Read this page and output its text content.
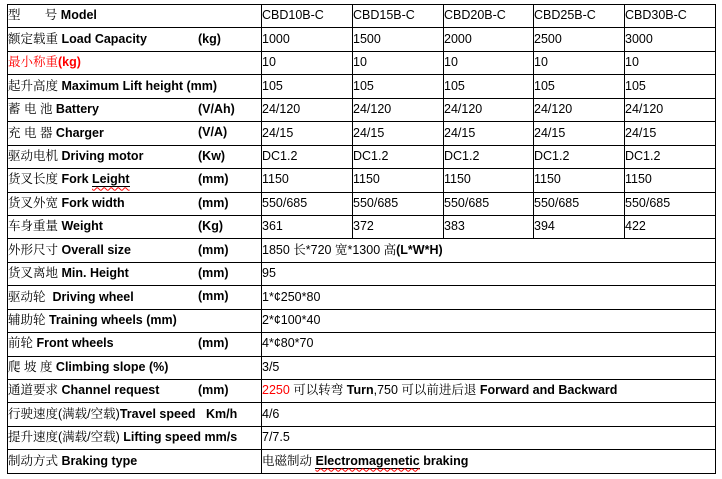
型       号 Model	CBD10B-C	CBD15B-C	CBD20B-C	CBD25B-C	CBD30B-C
额定载重 Load Capacity (kg)	1000	1500	2000	2500	3000
最小称重(kg)	10	10	10	10	10
起升高度 Maximum Lift height (mm)	105	105	105	105	105
蓄 电 池 Battery (V/Ah)	24/120	24/120	24/120	24/120	24/120
充 电 器 Charger (V/A)	24/15	24/15	24/15	24/15	24/15
驱动电机 Driving motor (Kw)	DC1.2	DC1.2	DC1.2	DC1.2	DC1.2
货叉长度 Fork Leight (mm)	1150	1150	1150	1150	1150
货叉外宽 Fork width (mm)	550/685	550/685	550/685	550/685	550/685
车身重量 Weight (Kg)	361	372	383	394	422
外形尺寸 Overall size (mm)	1850 长*720 宽*1300 高(L*W*H)				
货叉离地 Min. Height (mm)	95				
驱动轮  Driving wheel (mm)	1*¢250*80				
辅助轮 Training wheels (mm)	2*¢100*40				
前轮 Front wheels (mm)	4*¢80*70				
爬 坡 度 Climbing slope (%)	3/5				
通道要求 Channel request (mm)	2250 可以转弯 Turn,750 可以前进后退 Forward and Backward				
行驶速度(满载/空载)Travel speed Km/h	4/6				
提升速度(满载/空载) Lifting speed mm/s	7/7.5				
制动方式 Braking type	电磁制动 Electromagenetic braking				
